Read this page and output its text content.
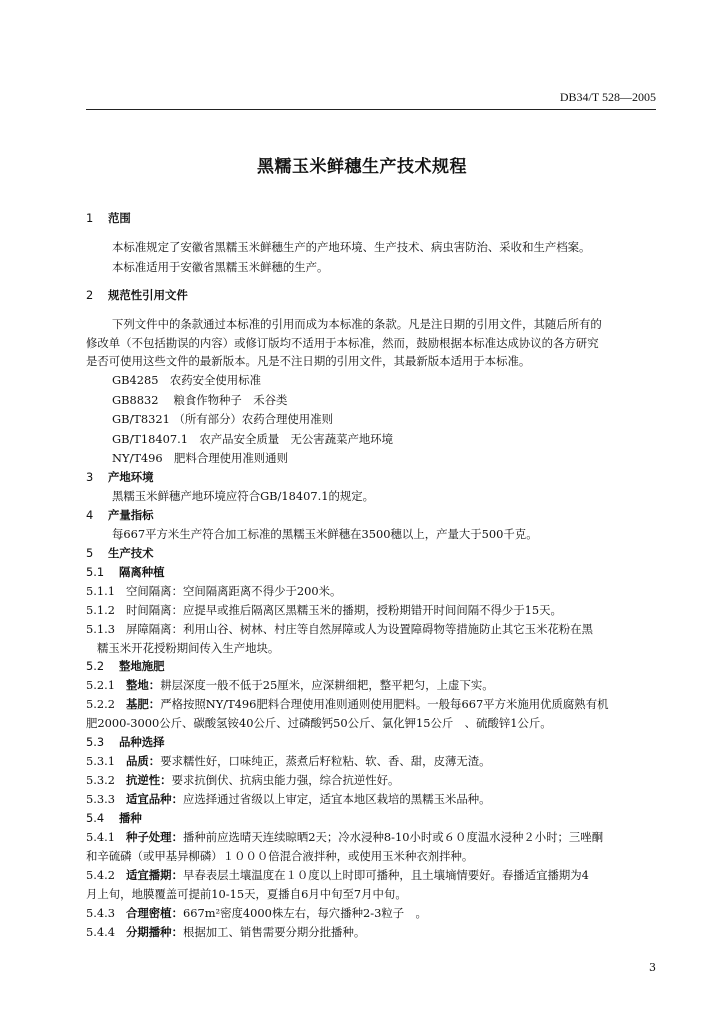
DB34/T 528—2005
黑糯玉米鲜穗生产技术规程
1 范围
本标准规定了安徽省黑糯玉米鲜穗生产的产地环境、生产技术、病虫害防治、采收和生产档案。
本标准适用于安徽省黑糯玉米鲜穗的生产。
2 规范性引用文件
下列文件中的条款通过本标准的引用而成为本标准的条款。凡是注日期的引用文件，其随后所有的
修改单（不包括勘误的内容）或修订版均不适用于本标准，然而，鼓励根据本标准达成协议的各方研究
是否可使用这些文件的最新版本。凡是不注日期的引用文件，其最新版本适用于本标准。
GB4285　农药安全使用标准
GB8832　 粮食作物种子　禾谷类
GB/T8321 （所有部分）农药合理使用准则
GB/T18407.1　农产品安全质量　无公害蔬菜产地环境
NY/T496　肥料合理使用准则通则
3 产地环境
黑糯玉米鲜穗产地环境应符合GB/18407.1的规定。
4 产量指标
每667平方米生产符合加工标准的黑糯玉米鲜穗在3500穗以上，产量大于500千克。
5 生产技术
5.1 隔离种植
5.1.1 空间隔离：空间隔离距离不得少于200米。
5.1.2 时间隔离：应提早或推后隔离区黑糯玉米的播期，授粉期错开时间间隔不得少于15天。
5.1.3 屏障隔离：利用山谷、树林、村庄等自然屏障或人为设置障碍物等措施防止其它玉米花粉在黑
糯玉米开花授粉期间传入生产地块。
5.2 整地施肥
5.2.1 整地：耕层深度一般不低于25厘米，应深耕细耙，整平耙匀，上虚下实。
5.2.2 基肥：严格按照NY/T496肥料合理使用准则通则使用肥料。一般每667平方米施用优质腐熟有机
肥2000-3000公斤、碳酸氢铵40公斤、过磷酸钙50公斤、氯化钾15公斤　、硫酸锌1公斤。
5.3 品种选择
5.3.1 品质：要求糯性好，口味纯正，蒸煮后籽粒粘、软、香、甜，皮薄无渣。
5.3.2 抗逆性：要求抗倒伏、抗病虫能力强，综合抗逆性好。
5.3.3 适宜品种：应选择通过省级以上审定，适宜本地区栽培的黑糯玉米品种。
5.4 播种
5.4.1 种子处理：播种前应选晴天连续晾晒2天；冷水浸种8-10小时或６０度温水浸种２小时；三唑酮
和辛硫磷（或甲基异柳磷）１０００倍混合液拌种，或使用玉米种衣剂拌种。
5.4.2 适宜播期：早春表层土壤温度在１０度以上时即可播种，且土壤墒情要好。春播适宜播期为4
月上旬，地膜覆盖可提前10-15天，夏播自6月中旬至7月中旬。
5.4.3 合理密植：667m²密度4000株左右，每穴播种2-3粒子　。
5.4.4 分期播种：根据加工、销售需要分期分批播种。
3
